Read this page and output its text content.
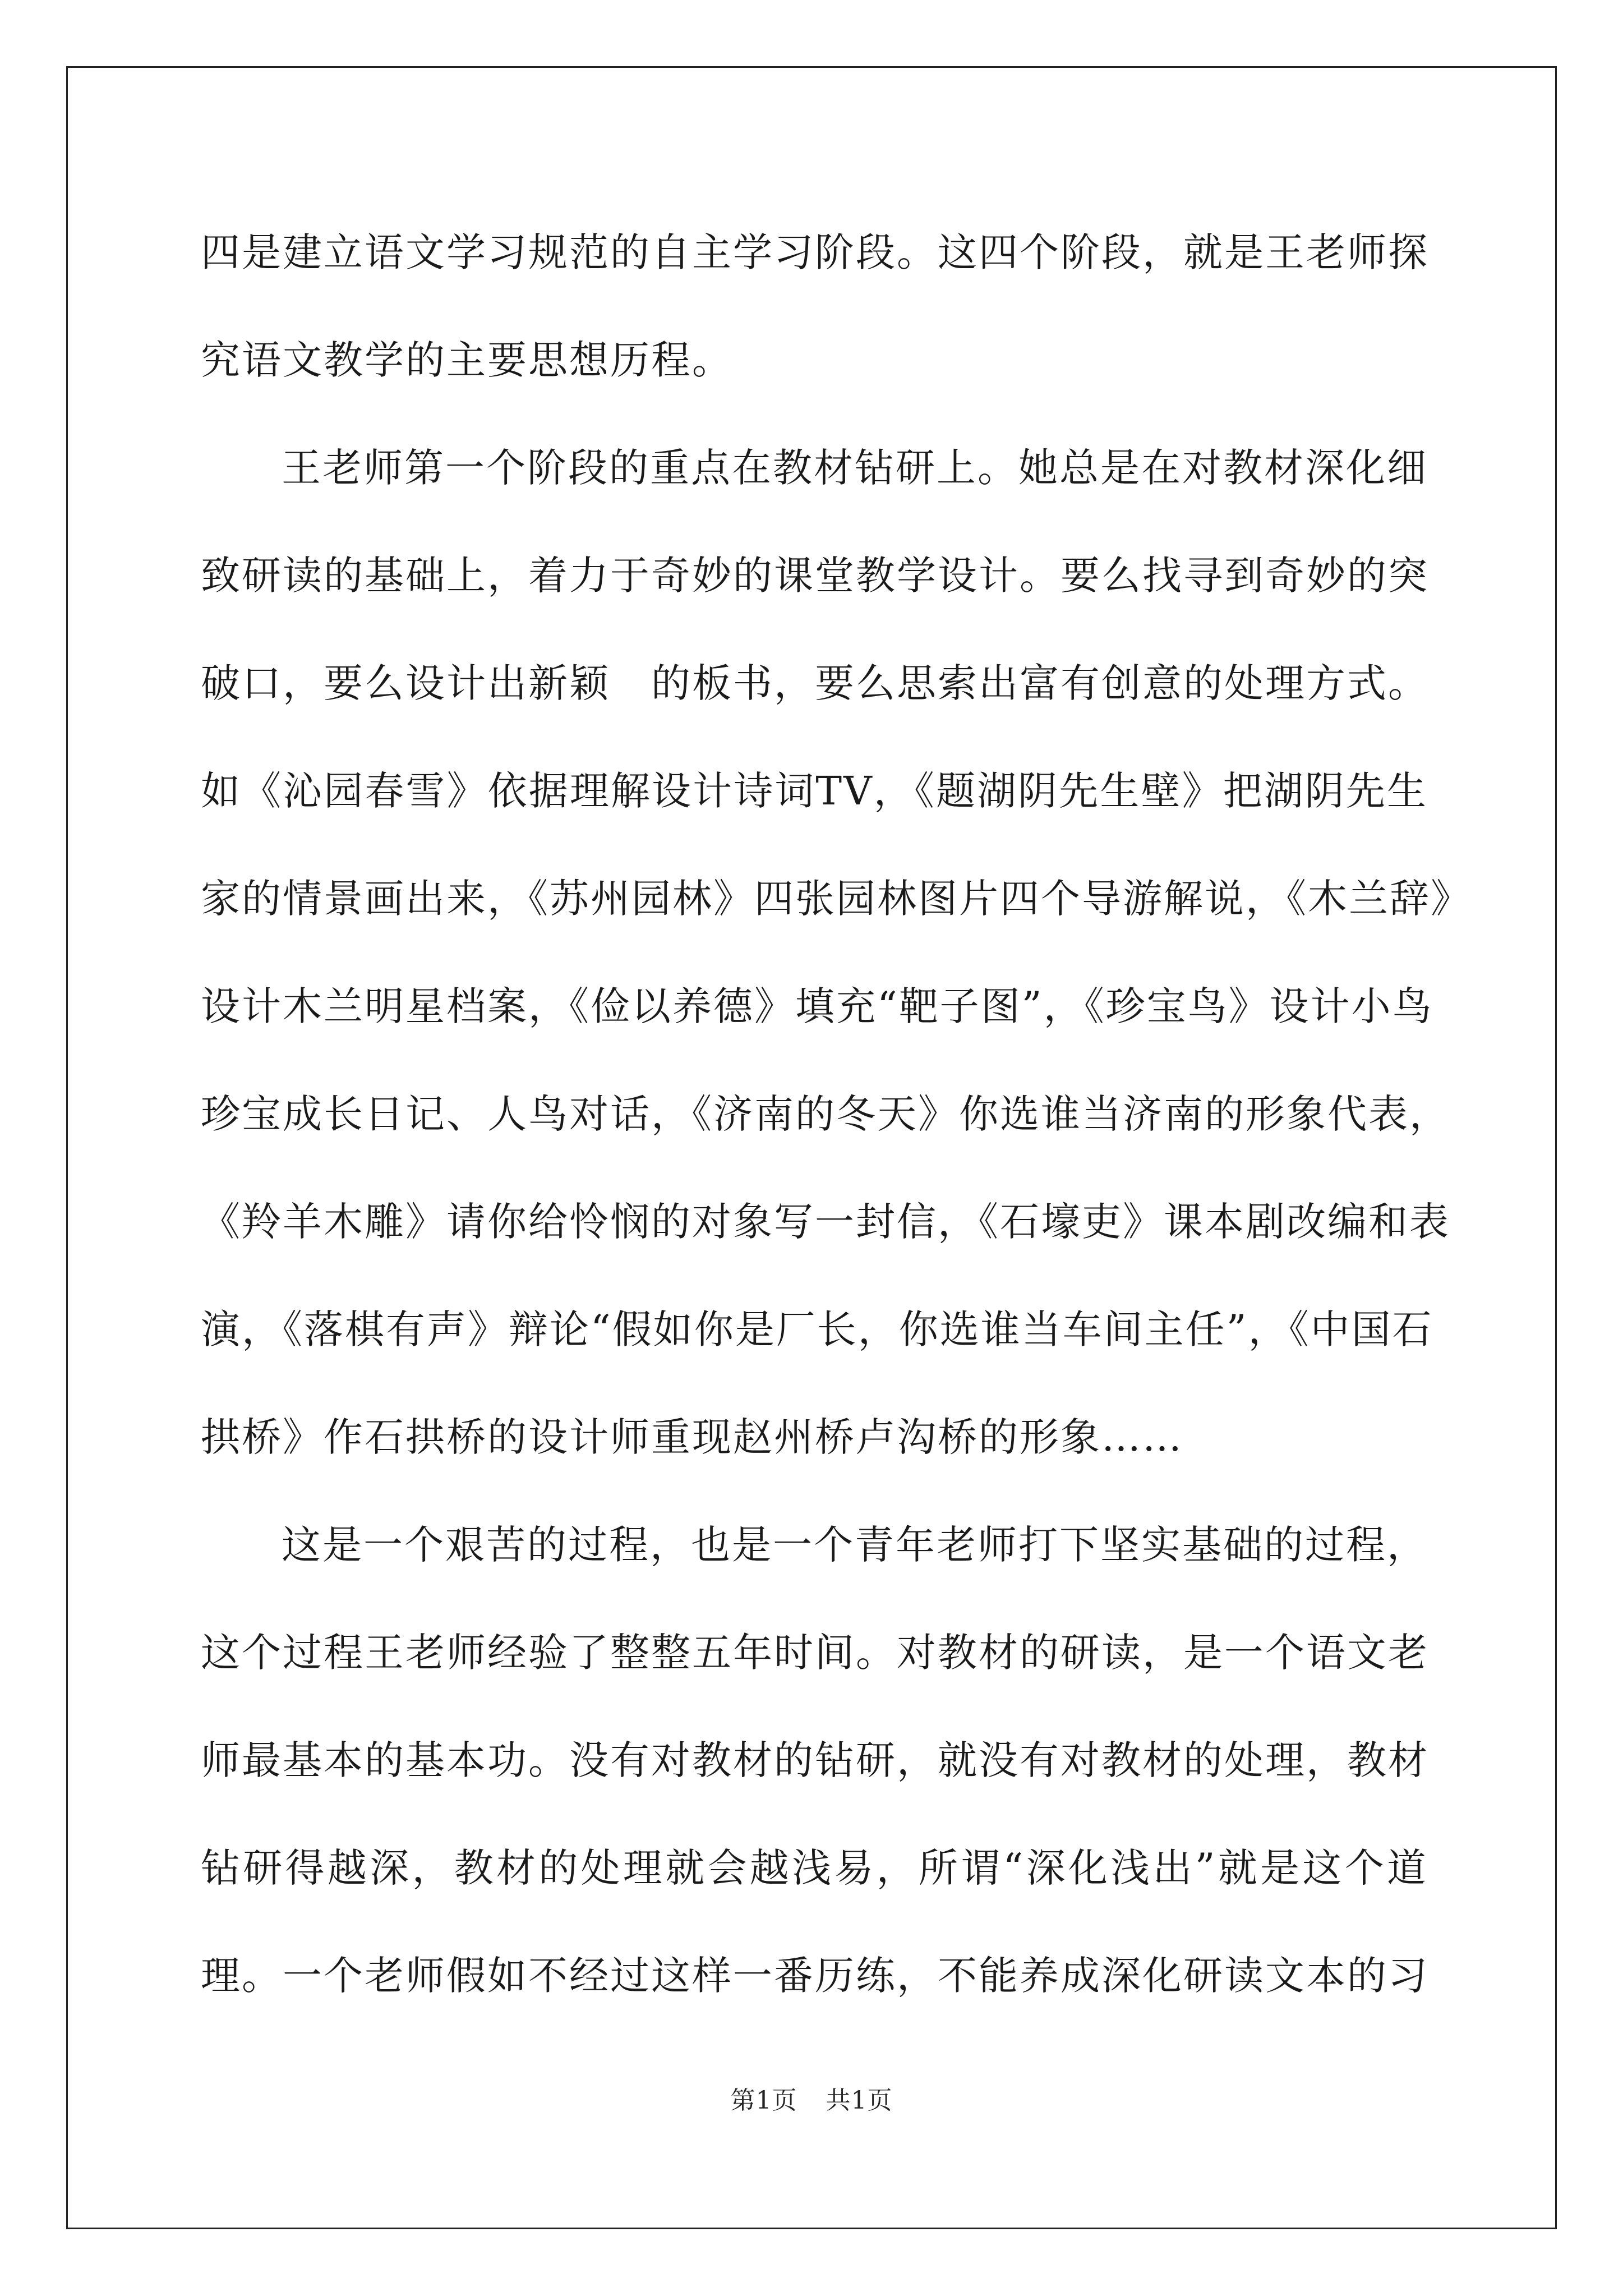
四是建立语文学习规范的自主学习阶段。这四个阶段，就是王老师探
究语文教学的主要思想历程。
王老师第一个阶段的重点在教材钻研上。她总是在对教材深化细
致研读的基础上，着力于奇妙的课堂教学设计。要么找寻到奇妙的突
破口，要么设计出新颖　的板书，要么思索出富有创意的处理方式。
如《沁园春雪》依据理解设计诗词TV，《题湖阴先生壁》把湖阴先生
家的情景画出来，《苏州园林》四张园林图片四个导游解说，《木兰辞》
设计木兰明星档案，《俭以养德》填充“靶子图”，《珍宝鸟》设计小鸟
珍宝成长日记、人鸟对话，《济南的冬天》你选谁当济南的形象代表，
《羚羊木雕》请你给怜悯的对象写一封信，《石壕吏》课本剧改编和表
演，《落棋有声》辩论“假如你是厂长，你选谁当车间主任”，《中国石
拱桥》作石拱桥的设计师重现赵州桥卢沟桥的形象……
这是一个艰苦的过程，也是一个青年老师打下坚实基础的过程，
这个过程王老师经验了整整五年时间。对教材的研读，是一个语文老
师最基本的基本功。没有对教材的钻研，就没有对教材的处理，教材
钻研得越深，教材的处理就会越浅易，所谓“深化浅出”就是这个道
理。一个老师假如不经过这样一番历练，不能养成深化研读文本的习
第1页 共1页
